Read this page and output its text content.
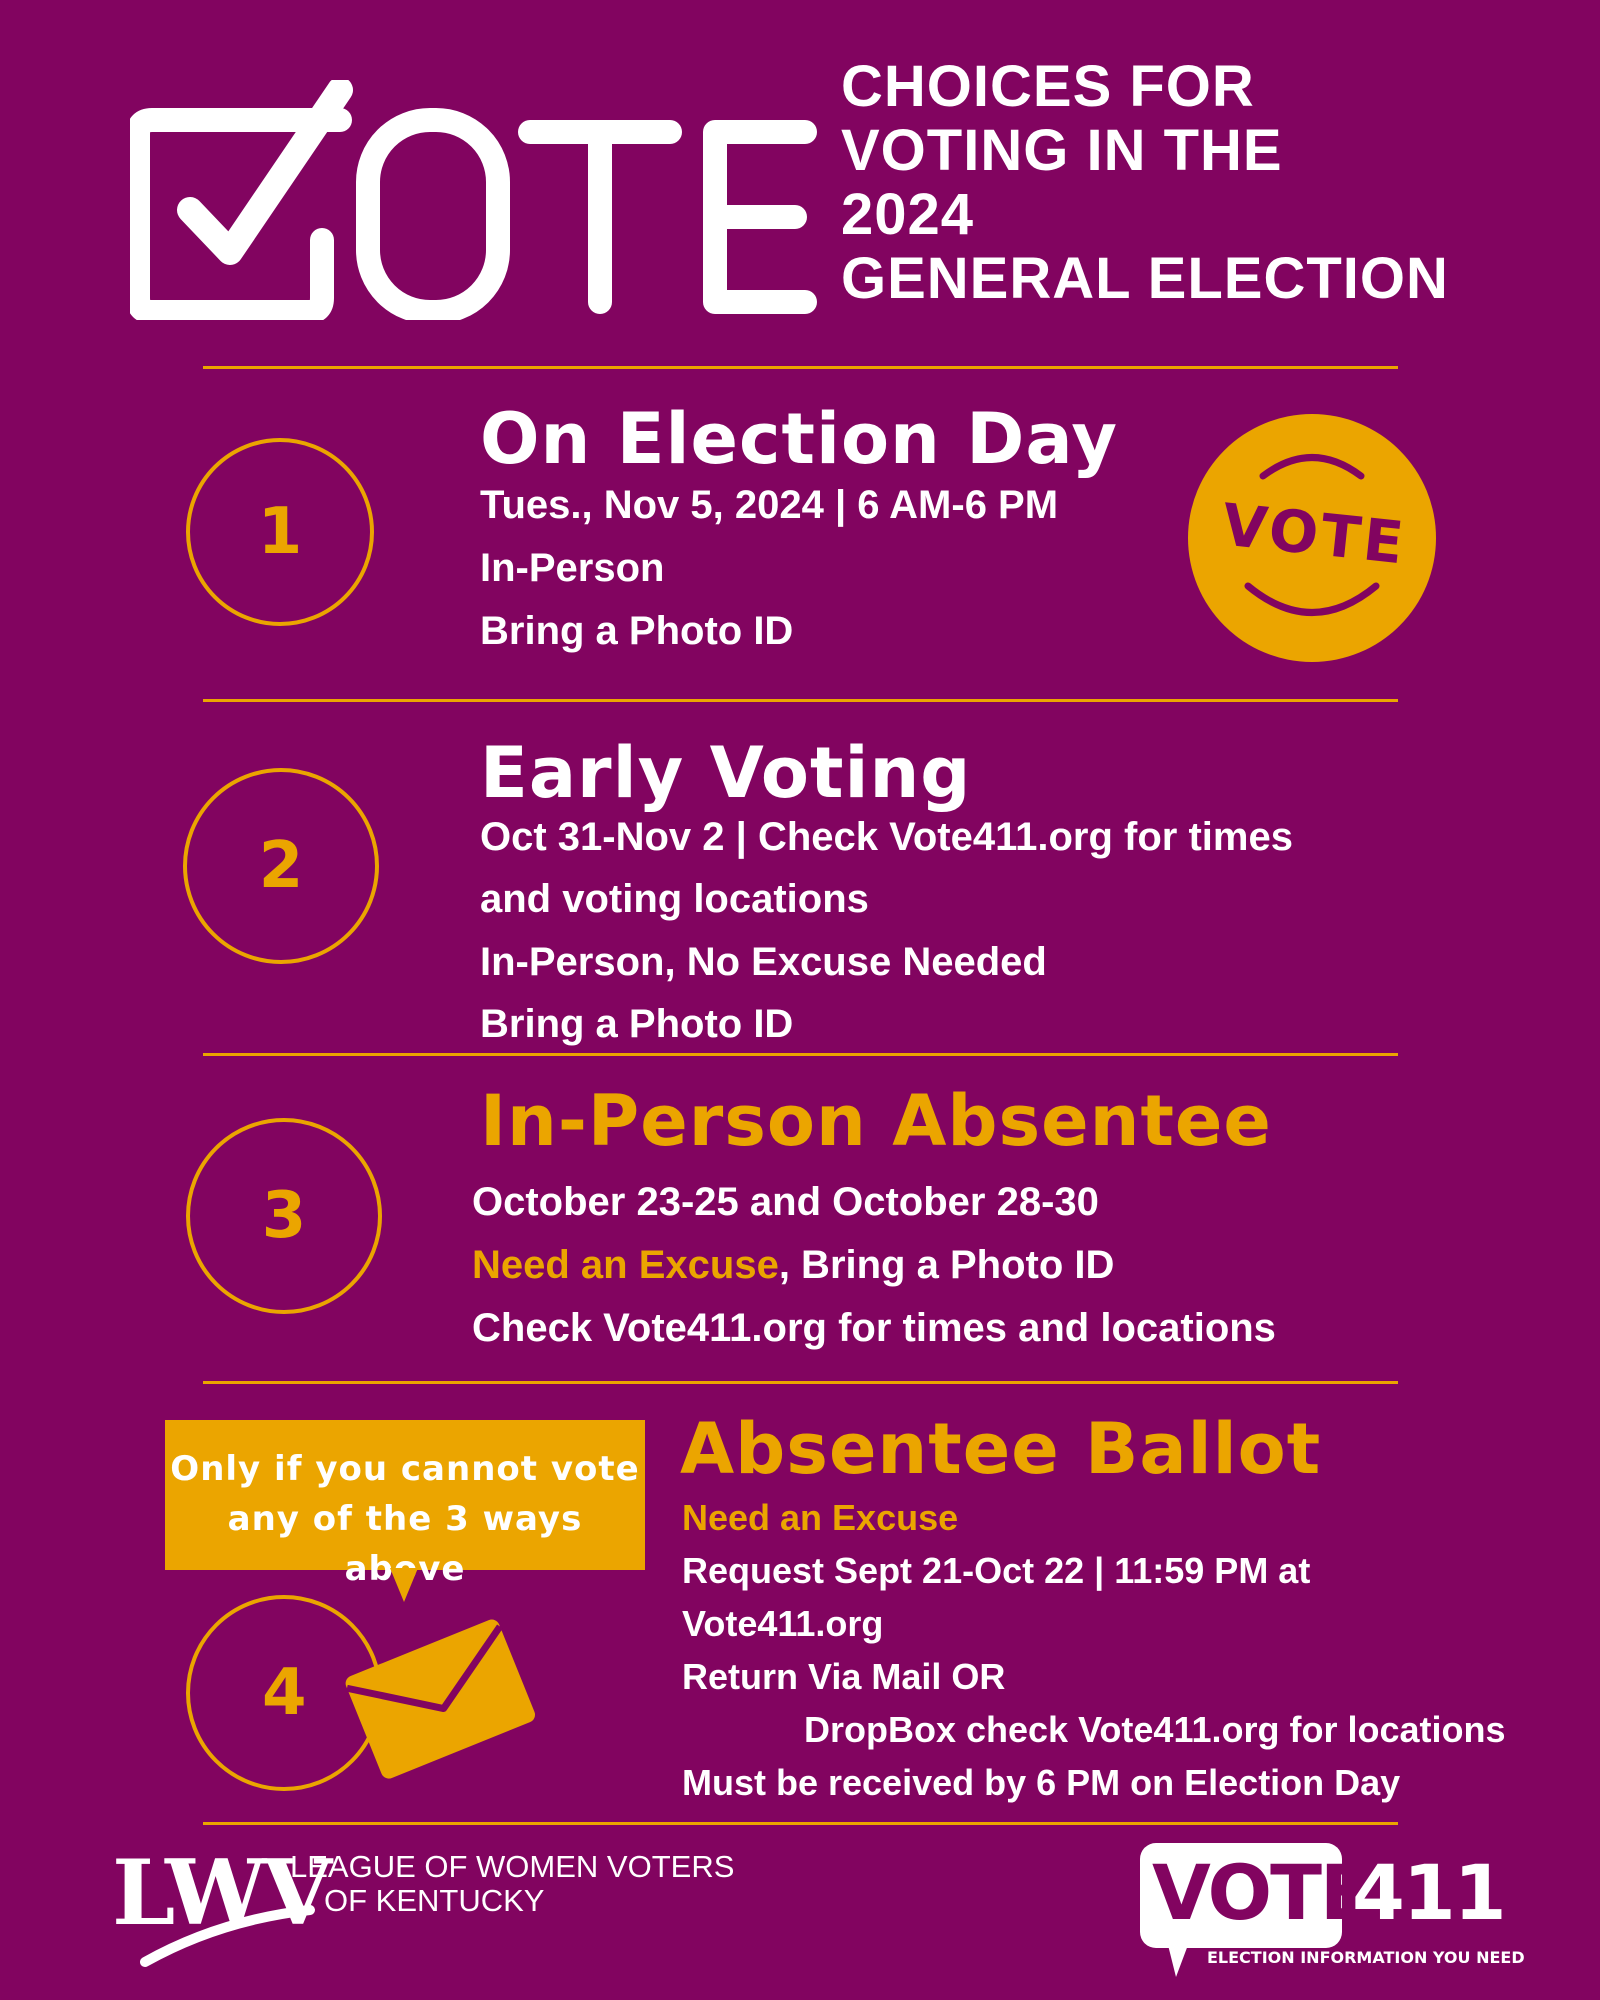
CHOICES FOR
VOTING IN THE
2024
GENERAL ELECTION
1
On Election Day
Tues., Nov 5, 2024 | 6 AM-6 PM
In-Person
Bring a Photo ID
VOTE
2
Early Voting
Oct 31-Nov 2 | Check Vote411.org for times
and voting locations
In-Person, No Excuse Needed
Bring a Photo ID
3
In-Person Absentee
October 23-25 and October 28-30
Need an Excuse, Bring a Photo ID
Check Vote411.org for times and locations
Only if you cannot vote
any of the 3 ways above
4
Absentee Ballot
Need an Excuse
Request Sept 21-Oct 22 | 11:59 PM at
Vote411.org
Return Via Mail OR
DropBox check Vote411.org for locations
Must be received by 6 PM on Election Day
LWV
LEAGUE OF WOMEN VOTERS
OF KENTUCKY	VOTE
411
ELECTION INFORMATION YOU NEED
